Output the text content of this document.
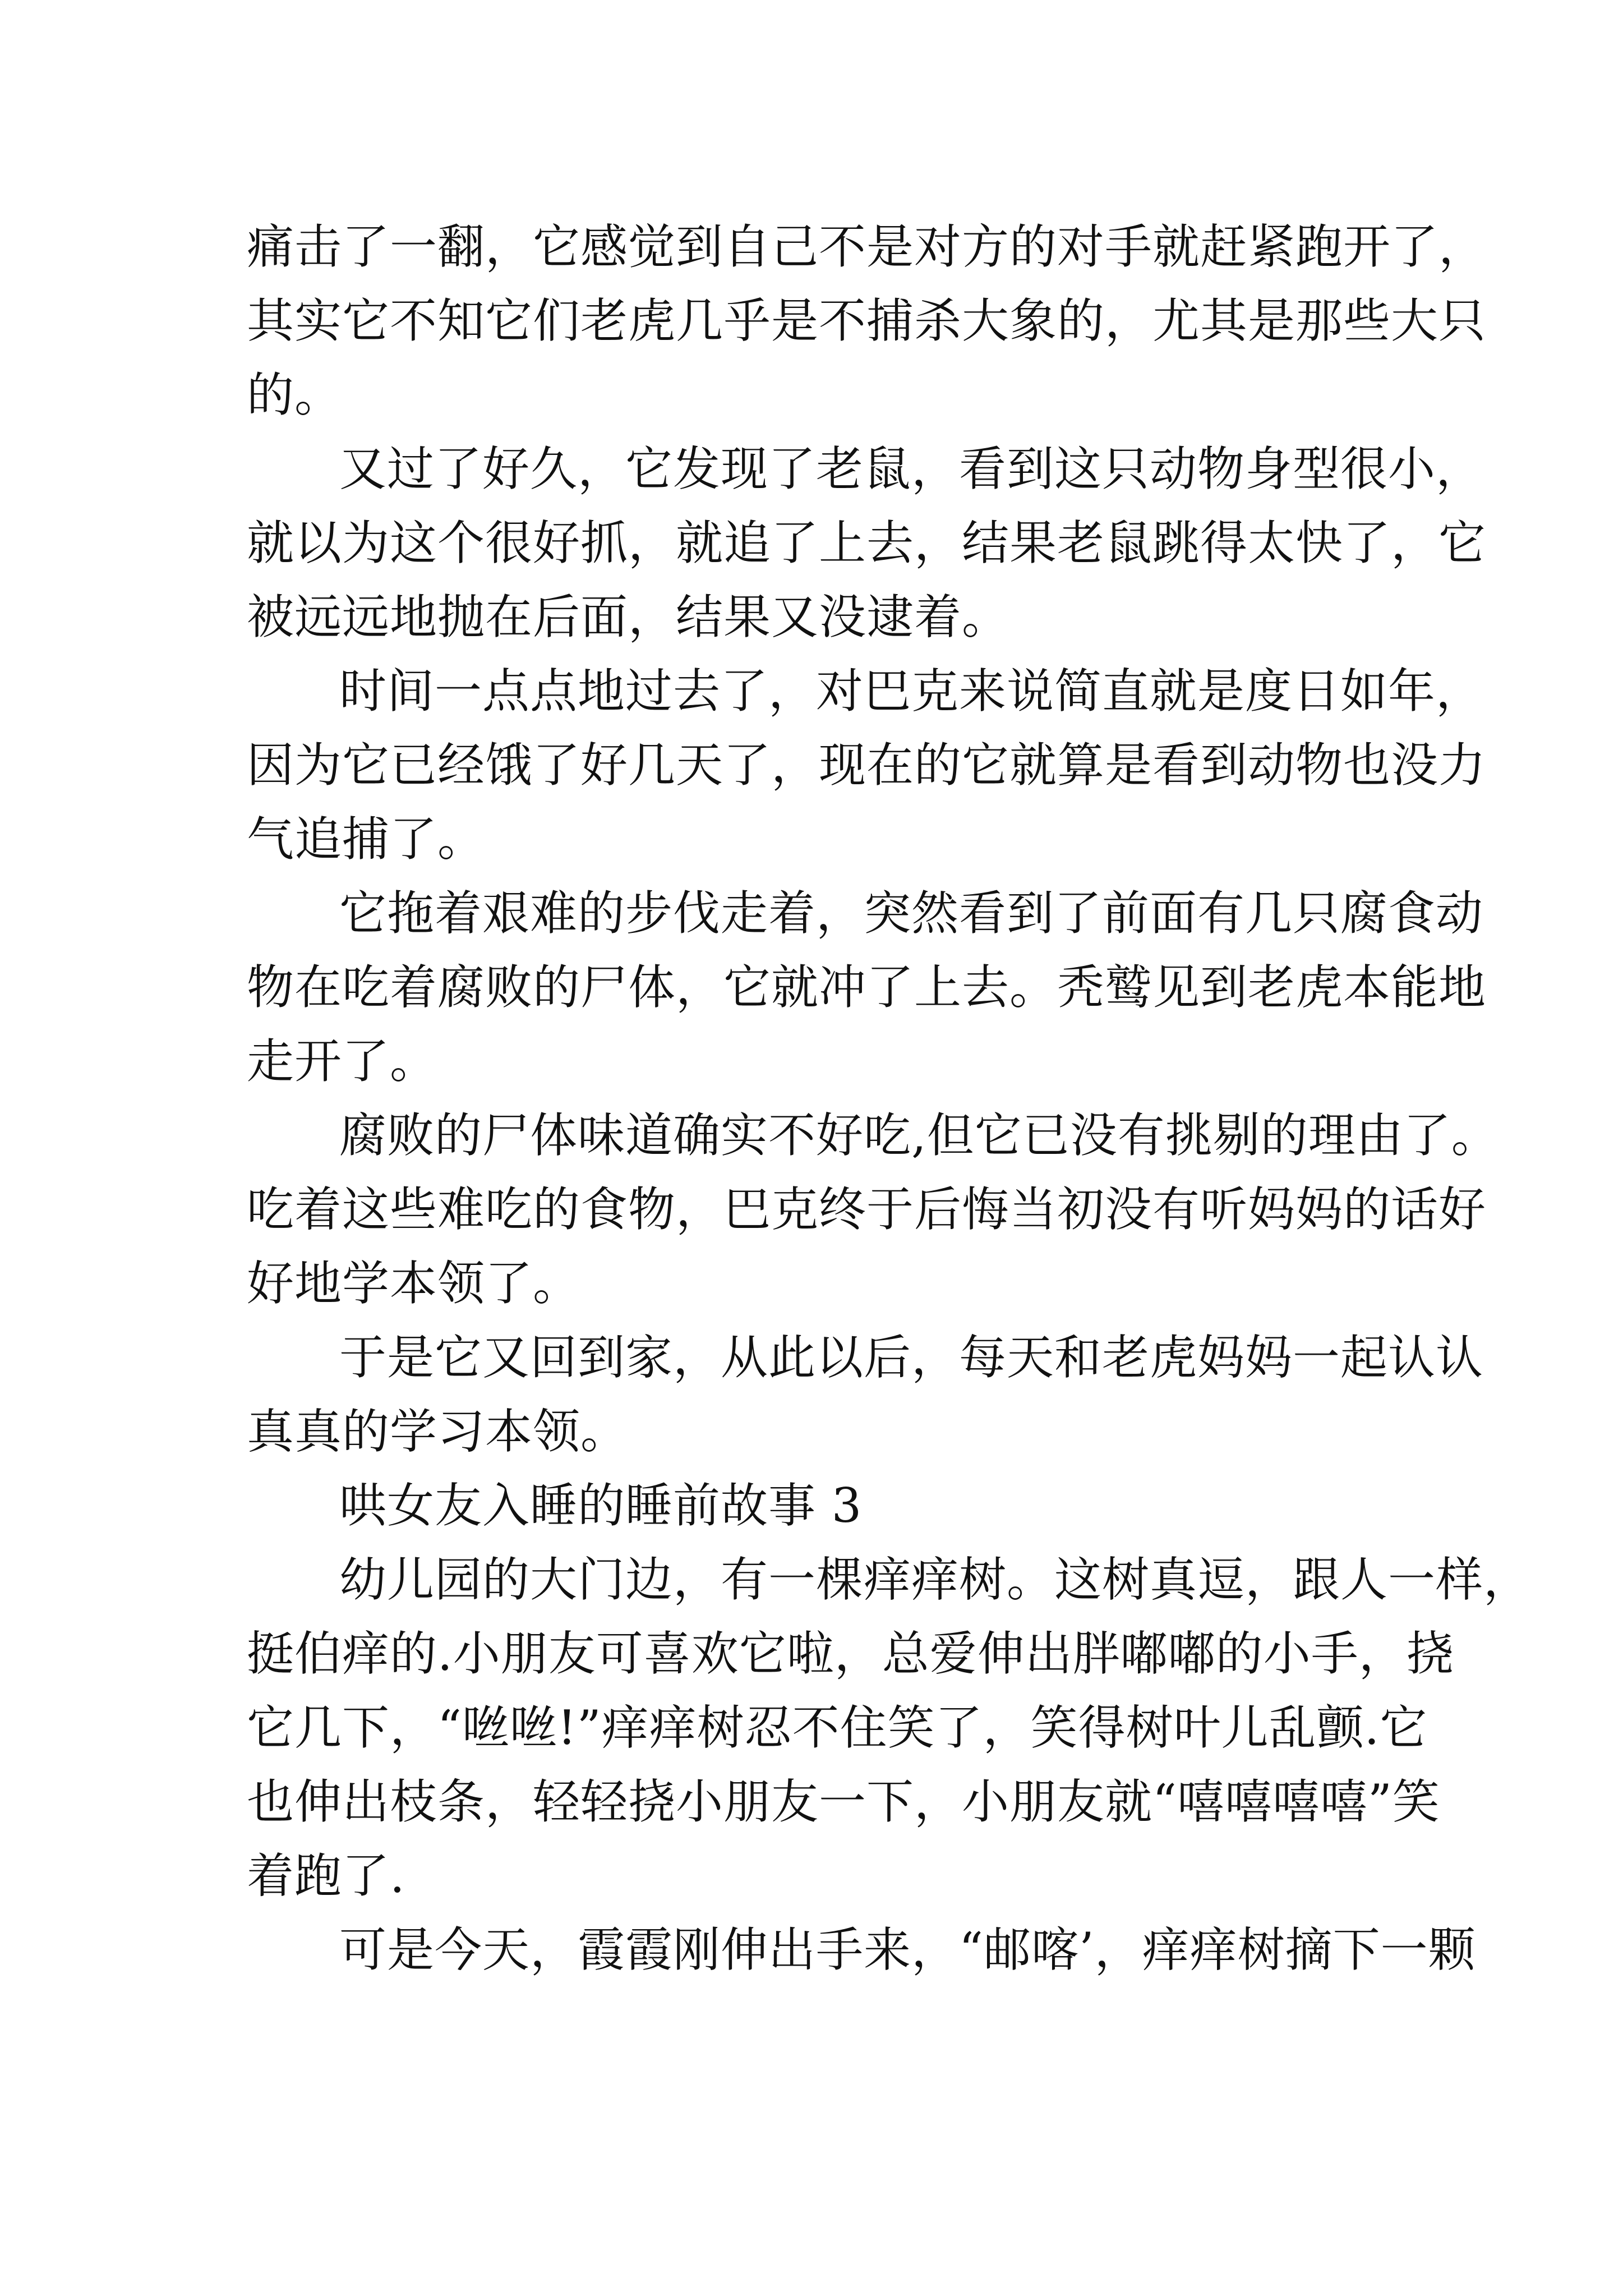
痛击了一翻，它感觉到自己不是对方的对手就赶紧跑开了，

其实它不知它们老虎几乎是不捕杀大象的，尤其是那些大只

的。

又过了好久，它发现了老鼠，看到这只动物身型很小，

就以为这个很好抓，就追了上去，结果老鼠跳得太快了，它

被远远地抛在后面，结果又没逮着。

时间一点点地过去了，对巴克来说简直就是度日如年，

因为它已经饿了好几天了，现在的它就算是看到动物也没力

气追捕了。

它拖着艰难的步伐走着，突然看到了前面有几只腐食动

物在吃着腐败的尸体，它就冲了上去。秃鹫见到老虎本能地

走开了。

腐败的尸体味道确实不好吃,但它已没有挑剔的理由了。

吃着这些难吃的食物，巴克终于后悔当初没有听妈妈的话好

好地学本领了。

于是它又回到家，从此以后，每天和老虎妈妈一起认认

真真的学习本领。

哄女友入睡的睡前故事 3

幼儿园的大门边，有一棵痒痒树。这树真逗，跟人一样，

挺伯痒的.小朋友可喜欢它啦，总爱伸出胖嘟嘟的小手，挠

它几下，“咝咝!”痒痒树忍不住笑了，笑得树叶儿乱颤.它

也伸出枝条，轻轻挠小朋友一下，小朋友就“嘻嘻嘻嘻”笑

着跑了.

可是今天，霞霞刚伸出手来，“邮喀’，痒痒树摘下一颗
